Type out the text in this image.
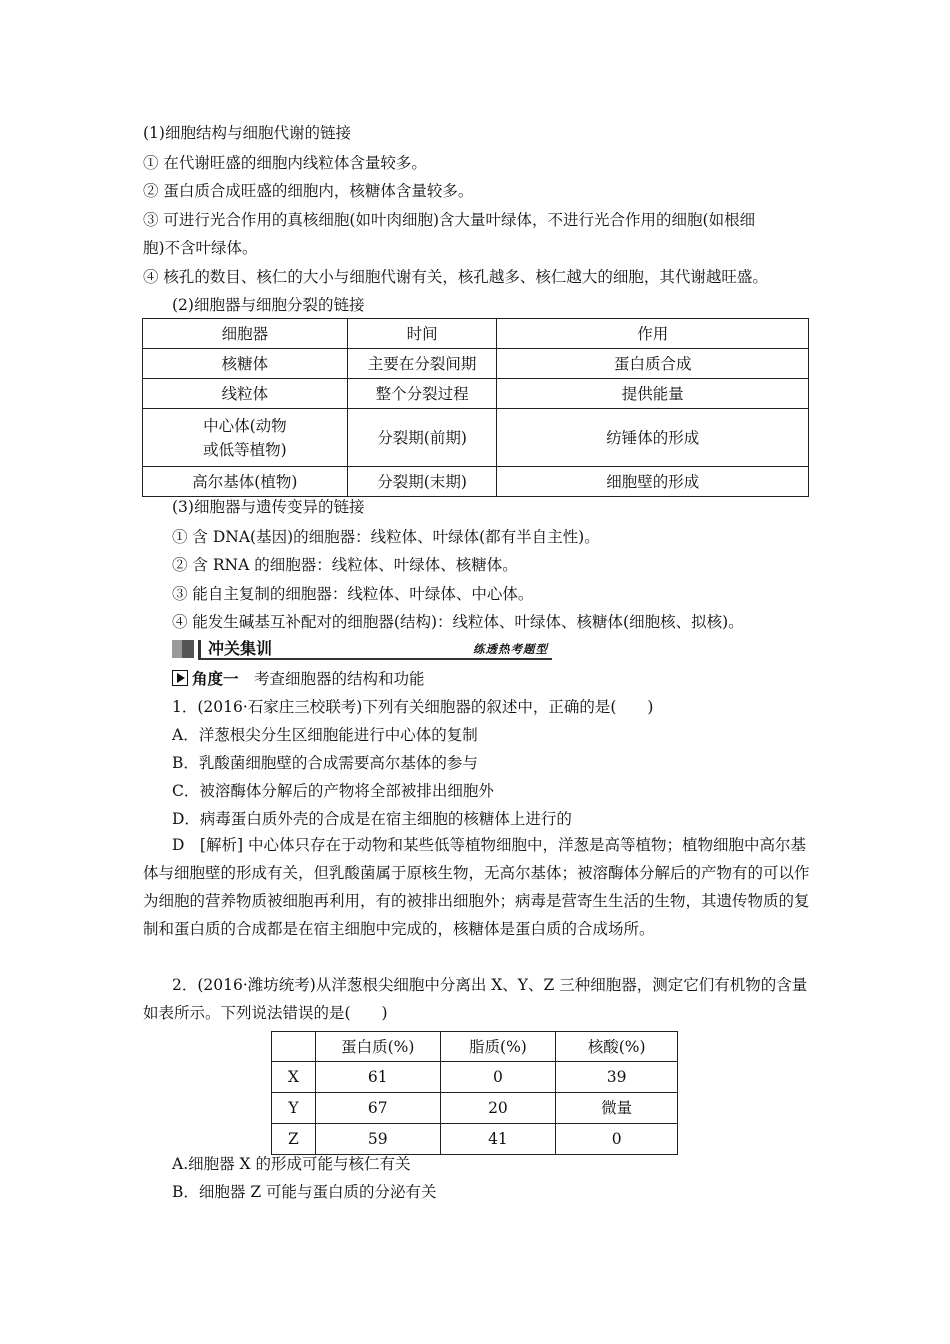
(1)细胞结构与细胞代谢的链接
① 在代谢旺盛的细胞内线粒体含量较多。
② 蛋白质合成旺盛的细胞内，核糖体含量较多。
③ 可进行光合作用的真核细胞(如叶肉细胞)含大量叶绿体，不进行光合作用的细胞(如根细
胞)不含叶绿体。
④ 核孔的数目、核仁的大小与细胞代谢有关，核孔越多、核仁越大的细胞，其代谢越旺盛。
(2)细胞器与细胞分裂的链接
细胞器	时间	作用
核糖体	主要在分裂间期	蛋白质合成
线粒体	整个分裂过程	提供能量

中心体(动物
或低等植物)	分裂期(前期)	纺锤体的形成
高尔基体(植物)	分裂期(末期)	细胞壁的形成
(3)细胞器与遗传变异的链接
① 含 DNA(基因)的细胞器：线粒体、叶绿体(都有半自主性)。
② 含 RNA 的细胞器：线粒体、叶绿体、核糖体。
③ 能自主复制的细胞器：线粒体、叶绿体、中心体。
④ 能发生碱基互补配对的细胞器(结构)：线粒体、叶绿体、核糖体(细胞核、拟核)。
冲关集训	练透热考题型
角度一　 考查细胞器的结构和功能
1．(2016·石家庄三校联考)下列有关细胞器的叙述中，正确的是(　　)
A．洋葱根尖分生区细胞能进行中心体的复制
B．乳酸菌细胞壁的合成需要高尔基体的参与
C．被溶酶体分解后的产物将全部被排出细胞外
D．病毒蛋白质外壳的合成是在宿主细胞的核糖体上进行的
D　[解析] 中心体只存在于动物和某些低等植物细胞中，洋葱是高等植物；植物细胞中高尔基体与细胞壁的形成有关，但乳酸菌属于原核生物，无高尔基体；被溶酶体分解后的产物有的可以作为细胞的营养物质被细胞再利用，有的被排出细胞外；病毒是营寄生生活的生物，其遗传物质的复制和蛋白质的合成都是在宿主细胞中完成的，核糖体是蛋白质的合成场所。
2．(2016·潍坊统考)从洋葱根尖细胞中分离出 X、Y、Z 三种细胞器，测定它们有机物的含量如表所示。下列说法错误的是(　　)
	蛋白质(%)	脂质(%)	核酸(%)
X	61	0	39
Y	67	20	微量
Z	59	41	0
A.细胞器 X 的形成可能与核仁有关
B．细胞器 Z 可能与蛋白质的分泌有关
